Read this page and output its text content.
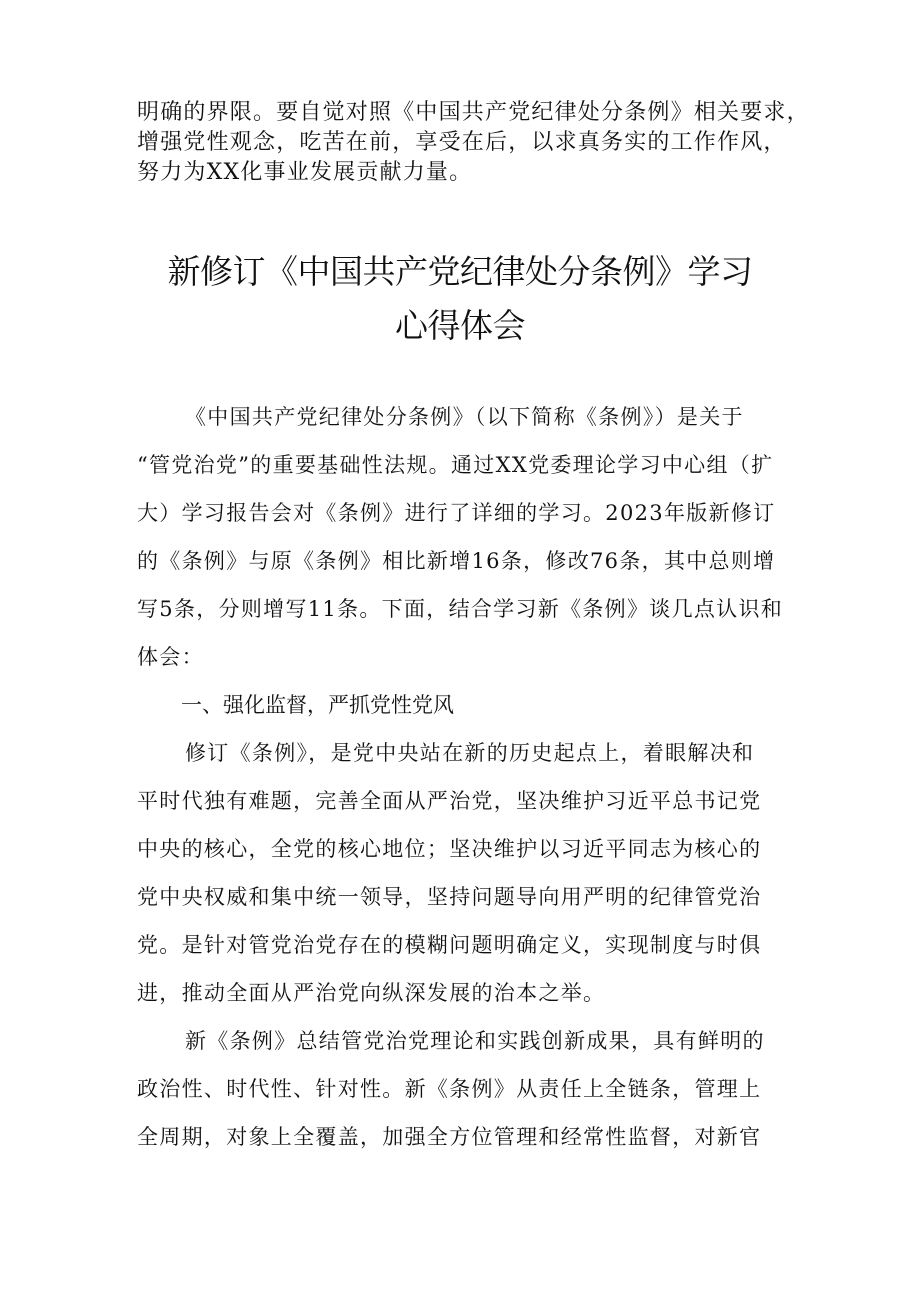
明确的界限。要自觉对照《中国共产党纪律处分条例》相关要求，
增强党性观念，吃苦在前，享受在后，以求真务实的工作作风，
努力为XX化事业发展贡献力量。
新修订《中国共产党纪律处分条例》学习
心得体会
《中国共产党纪律处分条例》（以下简称《条例》）是关于
“管党治党”的重要基础性法规。通过XX党委理论学习中心组（扩
大）学习报告会对《条例》进行了详细的学习。2023年版新修订
的《条例》与原《条例》相比新增16条，修改76条，其中总则增
写5条，分则增写11条。下面，结合学习新《条例》谈几点认识和
体会：
一、强化监督，严抓党性党风
修订《条例》，是党中央站在新的历史起点上，着眼解决和
平时代独有难题，完善全面从严治党，坚决维护习近平总书记党
中央的核心，全党的核心地位；坚决维护以习近平同志为核心的
党中央权威和集中统一领导，坚持问题导向用严明的纪律管党治
党。是针对管党治党存在的模糊问题明确定义，实现制度与时俱
进，推动全面从严治党向纵深发展的治本之举。
新《条例》总结管党治党理论和实践创新成果，具有鲜明的
政治性、时代性、针对性。新《条例》从责任上全链条，管理上
全周期，对象上全覆盖，加强全方位管理和经常性监督，对新官
